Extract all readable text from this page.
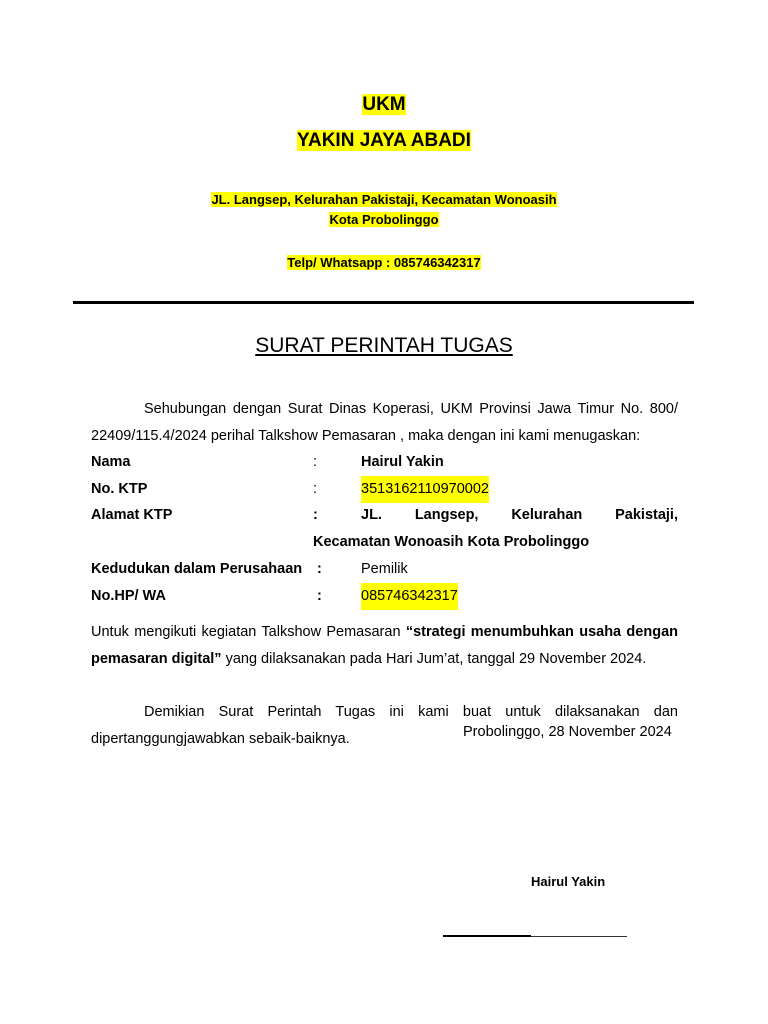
UKM
YAKIN JAYA ABADI
JL. Langsep, Kelurahan Pakistaji, Kecamatan Wonoasih
Kota Probolinggo
Telp/ Whatsapp : 085746342317
SURAT PERINTAH TUGAS
Sehubungan dengan Surat Dinas Koperasi, UKM Provinsi Jawa Timur No. 800/ 22409/115.4/2024 perihal Talkshow Pemasaran , maka dengan ini kami menugaskan:
Nama	:	Hairul Yakin
No. KTP	:	3513162110970002
Alamat KTP	:	JL. Langsep, Kelurahan Pakistaji,
Kecamatan Wonoasih Kota Probolinggo
Kedudukan dalam Perusahaan :	Pemilik
No.HP/ WA	:	085746342317
Untuk mengikuti kegiatan Talkshow Pemasaran “strategi menumbuhkan usaha dengan pemasaran digital” yang dilaksanakan pada Hari Jum’at, tanggal 29 November 2024.
Demikian Surat Perintah Tugas ini kami buat untuk dilaksanakan dan dipertanggungjawabkan sebaik-baiknya.	Probolinggo, 28 November 2024
Hairul Yakin
